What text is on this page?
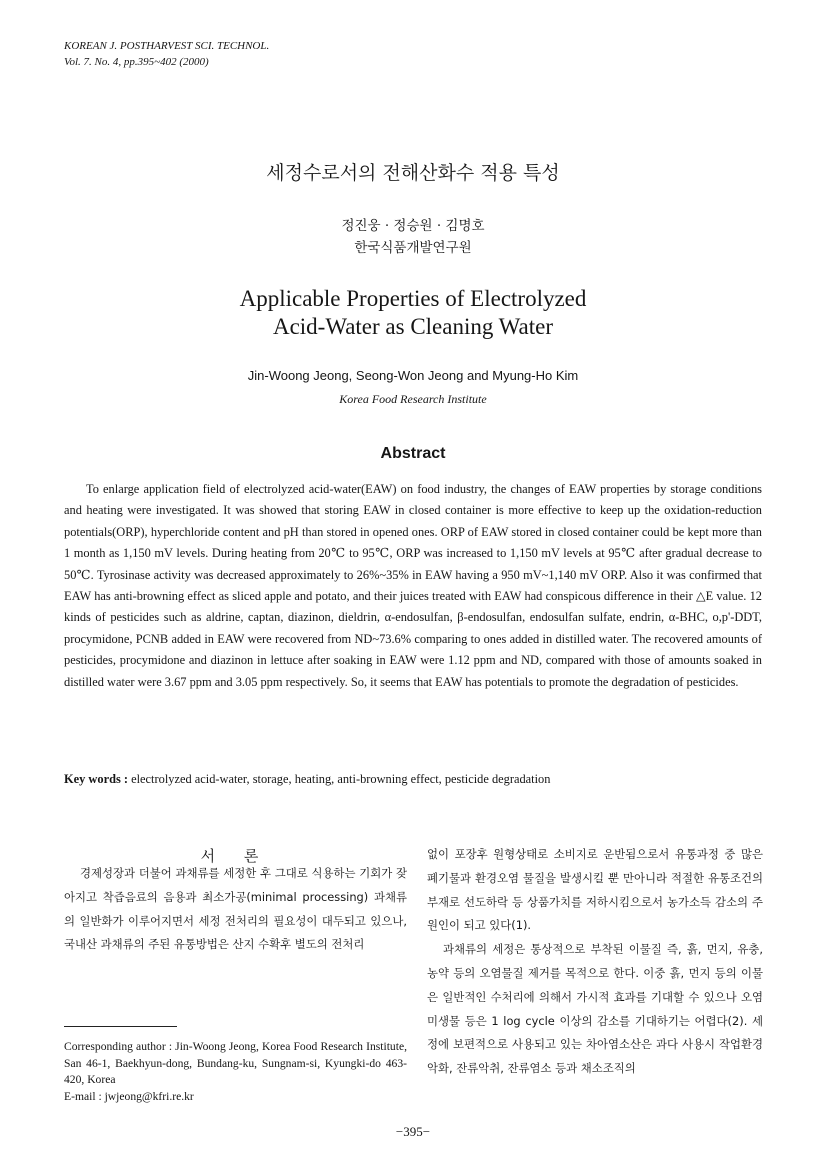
KOREAN J. POSTHARVEST SCI. TECHNOL.
Vol. 7. No. 4, pp.395~402 (2000)
세정수로서의 전해산화수 적용 특성
정진웅 · 정승원 · 김명호
한국식품개발연구원
Applicable Properties of Electrolyzed Acid-Water as Cleaning Water
Jin-Woong Jeong, Seong-Won Jeong and Myung-Ho Kim
Korea Food Research Institute
Abstract
To enlarge application field of electrolyzed acid-water(EAW) on food industry, the changes of EAW properties by storage conditions and heating were investigated. It was showed that storing EAW in closed container is more effective to keep up the oxidation-reduction potentials(ORP), hyperchloride content and pH than stored in opened ones. ORP of EAW stored in closed container could be kept more than 1 month as 1,150 mV levels. During heating from 20℃ to 95℃, ORP was increased to 1,150 mV levels at 95℃ after gradual decrease to 50℃. Tyrosinase activity was decreased approximately to 26%~35% in EAW having a 950 mV~1,140 mV ORP. Also it was confirmed that EAW has anti-browning effect as sliced apple and potato, and their juices treated with EAW had conspicous difference in their △E value. 12 kinds of pesticides such as aldrine, captan, diazinon, dieldrin, α-endosulfan, β-endosulfan, endosulfan sulfate, endrin, α-BHC, o,p'-DDT, procymidone, PCNB added in EAW were recovered from ND~73.6% comparing to ones added in distilled water. The recovered amounts of pesticides, procymidone and diazinon in lettuce after soaking in EAW were 1.12 ppm and ND, compared with those of amounts soaked in distilled water were 3.67 ppm and 3.05 ppm respectively. So, it seems that EAW has potentials to promote the degradation of pesticides.
Key words : electrolyzed acid-water, storage, heating, anti-browning effect, pesticide degradation
서 론

경제성장과 더불어 과채류를 세정한 후 그대로 식용하는 기회가 잦아지고 착즙음료의 음용과 최소가공(minimal processing) 과채류의 일반화가 이루어지면서 세정 전처리의 필요성이 대두되고 있으나, 국내산 과채류의 주된 유통방법은 산지 수확후 별도의 전처리

없이 포장후 원형상태로 소비지로 운반됨으로서 유통과정 중 많은 폐기물과 환경오염 물질을 발생시킬 뿐 만아니라 적절한 유통조건의 부재로 선도하락 등 상품가치를 저하시킴으로서 농가소득 감소의 주원인이 되고 있다(1).

과채류의 세정은 통상적으로 부착된 이물질 즉, 흙, 먼지, 유충, 농약 등의 오염물질 제거를 목적으로 한다. 이중 흙, 먼지 등의 이물은 일반적인 수처리에 의해서 가시적 효과를 기대할 수 있으나 오염 미생물 등은 1 log cycle 이상의 감소를 기대하기는 어렵다(2). 세정에 보편적으로 사용되고 있는 차아염소산은 과다 사용시 작업환경 악화, 잔류악취, 잔류염소 등과 채소조직의

Corresponding author : Jin-Woong Jeong, Korea Food Research Institute, San 46-1, Baekhyun-dong, Bundang-ku, Sungnam-si, Kyungki-do 463-420, Korea
E-mail : jwjeong@kfri.re.kr
−395−
